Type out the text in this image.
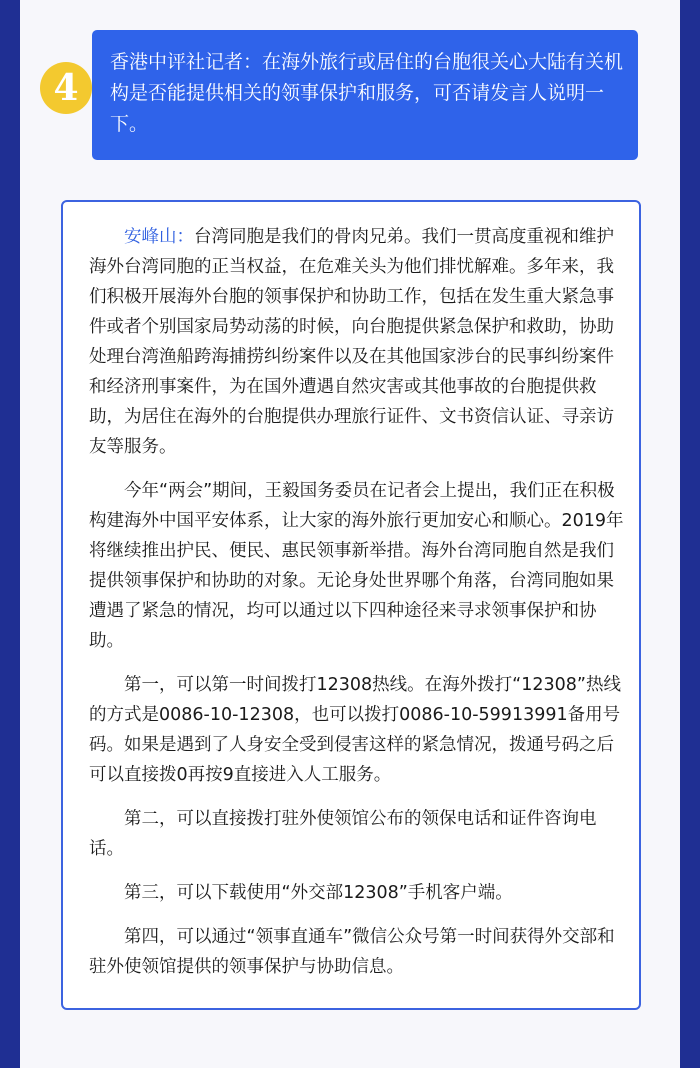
4
香港中评社记者：在海外旅行或居住的台胞很关心大陆有关机构是否能提供相关的领事保护和服务，可否请发言人说明一下。

安峰山：台湾同胞是我们的骨肉兄弟。我们一贯高度重视和维护海外台湾同胞的正当权益，在危难关头为他们排忧解难。多年来，我们积极开展海外台胞的领事保护和协助工作，包括在发生重大紧急事件或者个别国家局势动荡的时候，向台胞提供紧急保护和救助，协助处理台湾渔船跨海捕捞纠纷案件以及在其他国家涉台的民事纠纷案件和经济刑事案件，为在国外遭遇自然灾害或其他事故的台胞提供救助，为居住在海外的台胞提供办理旅行证件、文书资信认证、寻亲访友等服务。

今年“两会”期间，王毅国务委员在记者会上提出，我们正在积极构建海外中国平安体系，让大家的海外旅行更加安心和顺心。2019年将继续推出护民、便民、惠民领事新举措。海外台湾同胞自然是我们提供领事保护和协助的对象。无论身处世界哪个角落，台湾同胞如果遭遇了紧急的情况，均可以通过以下四种途径来寻求领事保护和协助。

第一，可以第一时间拨打12308热线。在海外拨打“12308”热线的方式是0086-10-12308，也可以拨打0086-10-59913991备用号码。如果是遇到了人身安全受到侵害这样的紧急情况，拨通号码之后可以直接拨0再按9直接进入人工服务。

第二，可以直接拨打驻外使领馆公布的领保电话和证件咨询电话。

第三，可以下载使用“外交部12308”手机客户端。

第四，可以通过“领事直通车”微信公众号第一时间获得外交部和驻外使领馆提供的领事保护与协助信息。
